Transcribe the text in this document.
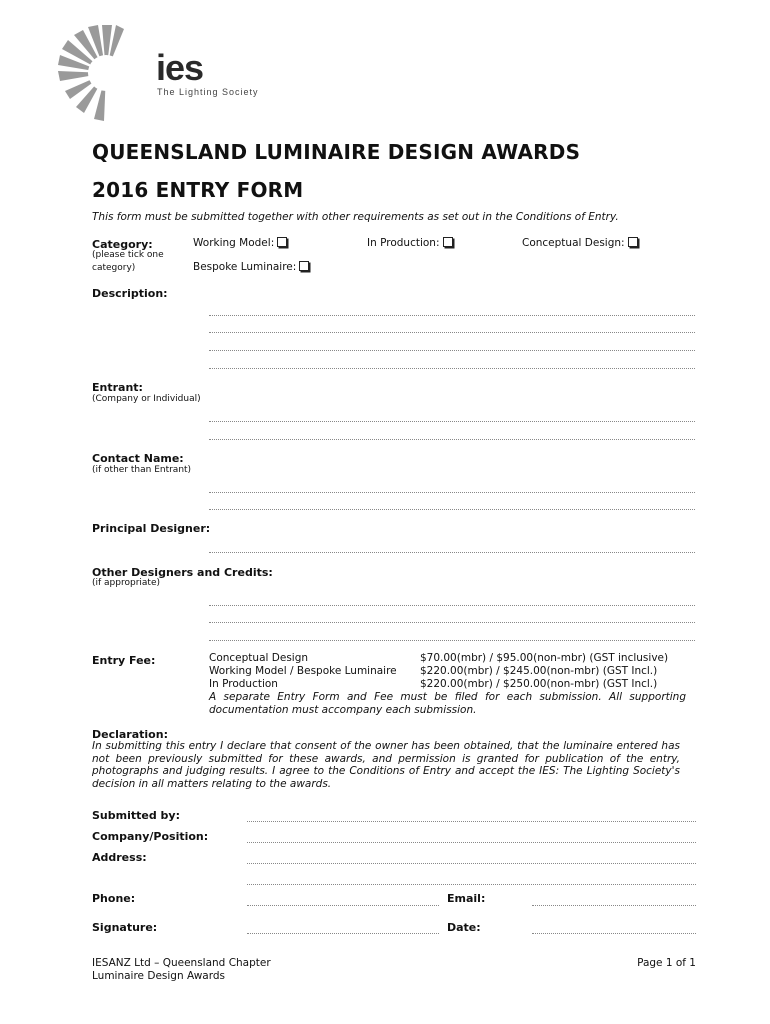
ies
The Lighting Society
QUEENSLAND LUMINAIRE DESIGN AWARDS
2016 ENTRY FORM
This form must be submitted together with other requirements as set out in the Conditions of Entry.
Category:
(please tick one
category)
Working Model:	In Production:	Conceptual Design:
Bespoke Luminaire:
Description:
Entrant:
(Company or Individual)
Contact Name:
(if other than Entrant)
Principal Designer:
Other Designers and Credits:
(if appropriate)
Entry Fee:	Conceptual Design	$70.00(mbr) / $95.00(non-mbr) (GST inclusive)
Working Model / Bespoke Luminaire $220.00(mbr) / $245.00(non-mbr) (GST Incl.)
In Production	$220.00(mbr) / $250.00(non-mbr) (GST Incl.)
A separate Entry Form and Fee must be filed for each submission. All supporting documentation must accompany each submission.
Declaration:
In submitting this entry I declare that consent of the owner has been obtained, that the luminaire entered has not been previously submitted for these awards, and permission is granted for publication of the entry, photographs and judging results. I agree to the Conditions of Entry and accept the IES: The Lighting Society's decision in all matters relating to the awards.
Submitted by:
Company/Position:
Address:
Phone:	Email:
Signature:	Date:
IESANZ Ltd – Queensland Chapter
Luminaire Design Awards
Page 1 of 1
